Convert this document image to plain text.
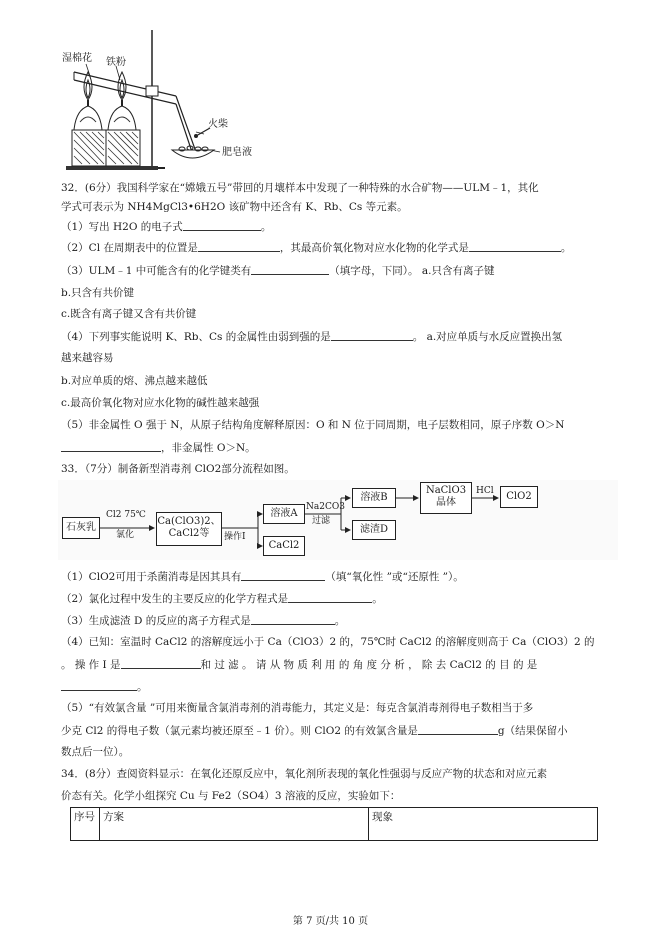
湿棉花 铁粉
火柴
肥皂液
32．(6分）我国科学家在“嫦娥五号”带回的月壤样本中发现了一种特殊的水合矿物——ULM﹣1，其化
学式可表示为 NH4MgCl3•6H2O 该矿物中还含有 K、Rb、Cs 等元素。
（1）写出 H2O 的电子式	。
（2）Cl 在周期表中的位置是	，其最高价氧化物对应水化物的化学式是	。
（3）ULM﹣1 中可能含有的化学键类有	（填字母，下同）。 a.只含有离子键
b.只含有共价键
c.既含有离子键又含有共价键
（4）下列事实能说明 K、Rb、Cs 的金属性由弱到强的是	。 a.对应单质与水反应置换出氢
越来越容易
b.对应单质的熔、沸点越来越低
c.最高价氧化物对应水化物的碱性越来越强
（5）非金属性 O 强于 N，从原子结构角度解释原因：O 和 N 位于同周期，电子层数相同，原子序数 O＞N
，非金属性 O＞N。
33．（7分）制备新型消毒剂 ClO2部分流程如图。
石灰乳
Cl2 75℃
氯化
Ca(ClO3)2、
CaCl2等	操作I
溶液A
CaCl2
Na2CO3
过滤
溶液B
滤渣D
NaClO3
晶体
HCl	ClO2
（1）ClO2可用于杀菌消毒是因其具有	（填“氧化性 ”或“还原性 ”）。
（2）氯化过程中发生的主要反应的化学方程式是	。
（3）生成滤渣 D 的反应的离子方程式是	。
（4）已知：室温时 CaCl2 的溶解度远小于 Ca（ClO3）2 的，75℃时 CaCl2 的溶解度则高于 Ca（ClO3）2 的
。 操 作 Ⅰ 是	和 过 滤 。 请 从 物 质 利 用 的 角 度 分 析 ， 除 去 CaCl2 的 目 的 是
。
（5）“有效氯含量 ”可用来衡量含氯消毒剂的消毒能力，其定义是：每克含氯消毒剂得电子数相当于多
少克 Cl2 的得电子数（氯元素均被还原至﹣1 价）。则 ClO2 的有效氯含量是	g（结果保留小
数点后一位）。
34．(8分）查阅资料显示：在氧化还原反应中，氧化剂所表现的氧化性强弱与反应产物的状态和对应元素
价态有关。化学小组探究 Cu 与 Fe2（SO4）3 溶液的反应，实验如下：
序号	方案	现象
第 7 页/共 10 页
